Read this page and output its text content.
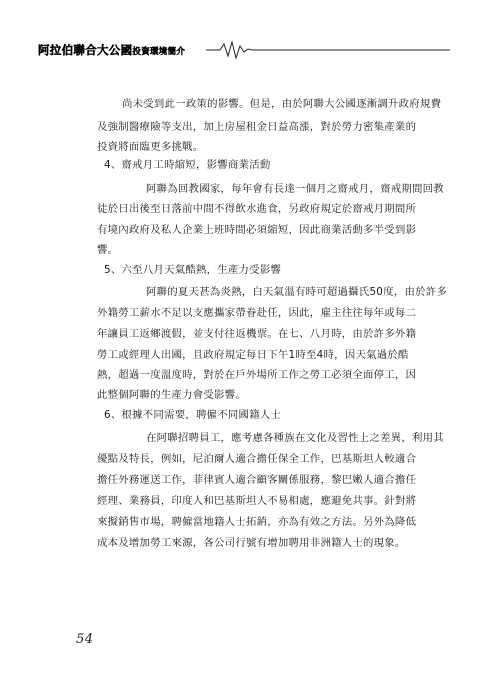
阿拉伯聯合大公國投資環境簡介
尚未受到此一政策的影響。但是，由於阿聯大公國逐漸調升政府規費
及強制醫療險等支出，加上房屋租金日益高漲，對於勞力密集產業的
投資將面臨更多挑戰。
4、齋戒月工時縮短，影響商業活動
阿聯為回教國家，每年會有長達一個月之齋戒月，齋戒期間回教
徒於日出後至日落前中間不得飲水進食，另政府規定於齋戒月期間所
有境內政府及私人企業上班時間必須縮短，因此商業活動多半受到影
響。
5、六至八月天氣酷熱，生產力受影響
阿聯的夏天甚為炎熱，白天氣溫有時可超過攝氏50度，由於許多
外籍勞工薪水不足以支應攜家帶眷赴任，因此，雇主往往每年或每二
年讓員工返鄉渡假，並支付往返機票。在七、八月時，由於許多外籍
勞工或經理人出國，且政府規定每日下午1時至4時，因天氣過於酷
熱，超過一度溫度時，對於在戶外場所工作之勞工必須全面停工，因
此整個阿聯的生產力會受影響。
6、根據不同需要，聘僱不同國籍人士
在阿聯招聘員工，應考慮各種族在文化及習性上之差異，利用其
優點及特長，例如，尼泊爾人適合擔任保全工作，巴基斯坦人較適合
擔任外務運送工作，菲律賓人適合顧客關係服務，黎巴嫩人適合擔任
經理、業務員，印度人和巴基斯坦人不易相處，應避免共事。針對將
來擬銷售市場，聘僱當地籍人士拓銷，亦為有效之方法。另外為降低
成本及增加勞工來源，各公司行號有增加聘用非洲籍人士的現象。
54
